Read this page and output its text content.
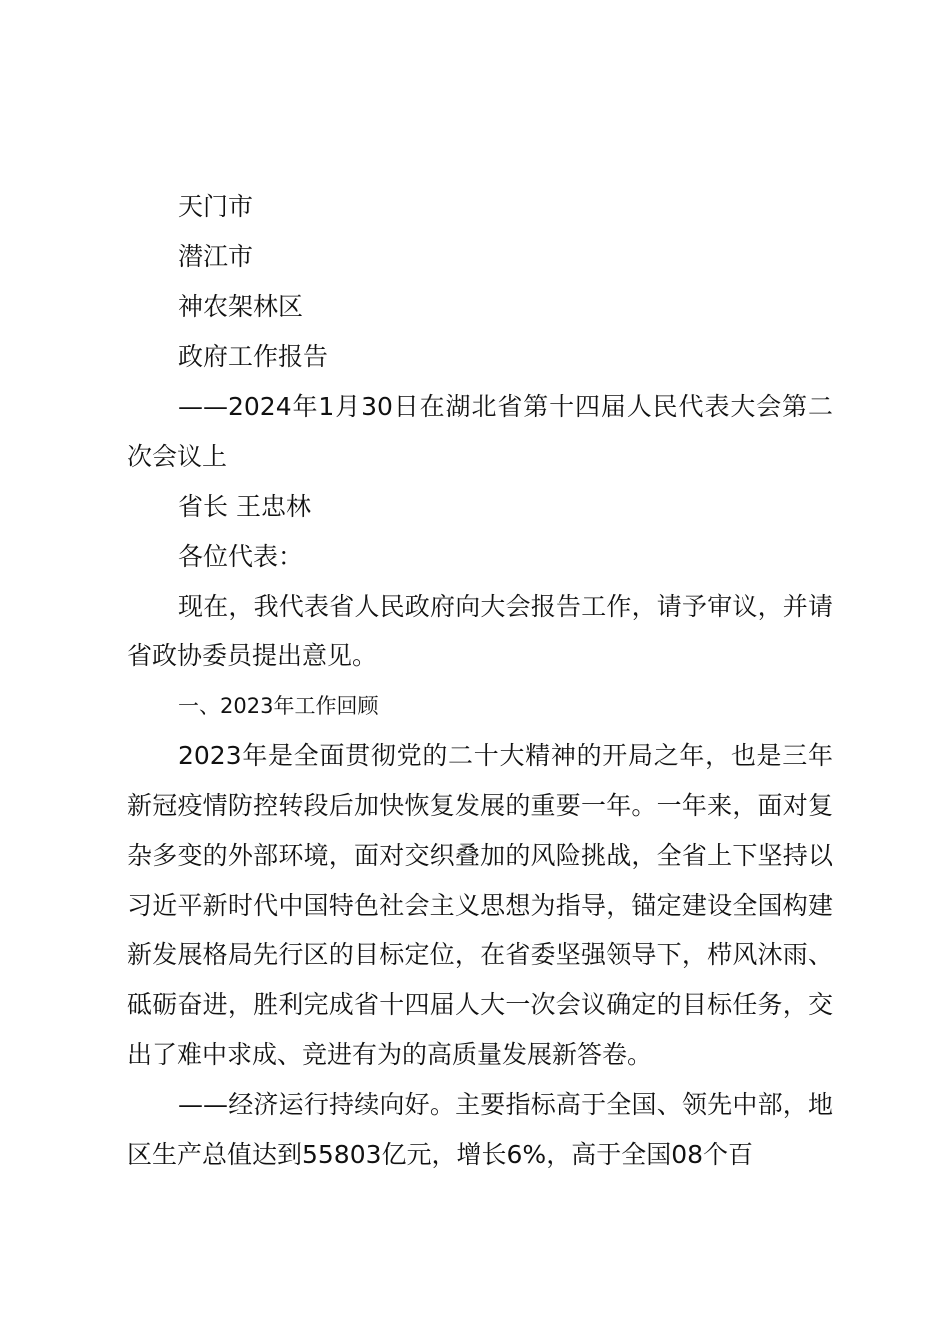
天门市
潜江市
神农架林区
政府工作报告

——2024年1月30日在湖北省第十四届人民代表大会第二次会议上

省长 王忠林
各位代表：

现在，我代表省人民政府向大会报告工作，请予审议，并请省政协委员提出意见。

一、2023年工作回顾

2023年是全面贯彻党的二十大精神的开局之年，也是三年新冠疫情防控转段后加快恢复发展的重要一年。一年来，面对复杂多变的外部环境，面对交织叠加的风险挑战，全省上下坚持以习近平新时代中国特色社会主义思想为指导，锚定建设全国构建新发展格局先行区的目标定位，在省委坚强领导下，栉风沐雨、砥砺奋进，胜利完成省十四届人大一次会议确定的目标任务，交出了难中求成、竞进有为的高质量发展新答卷。

——经济运行持续向好。主要指标高于全国、领先中部，地区生产总值达到55803亿元，增长6%，高于全国08个百
